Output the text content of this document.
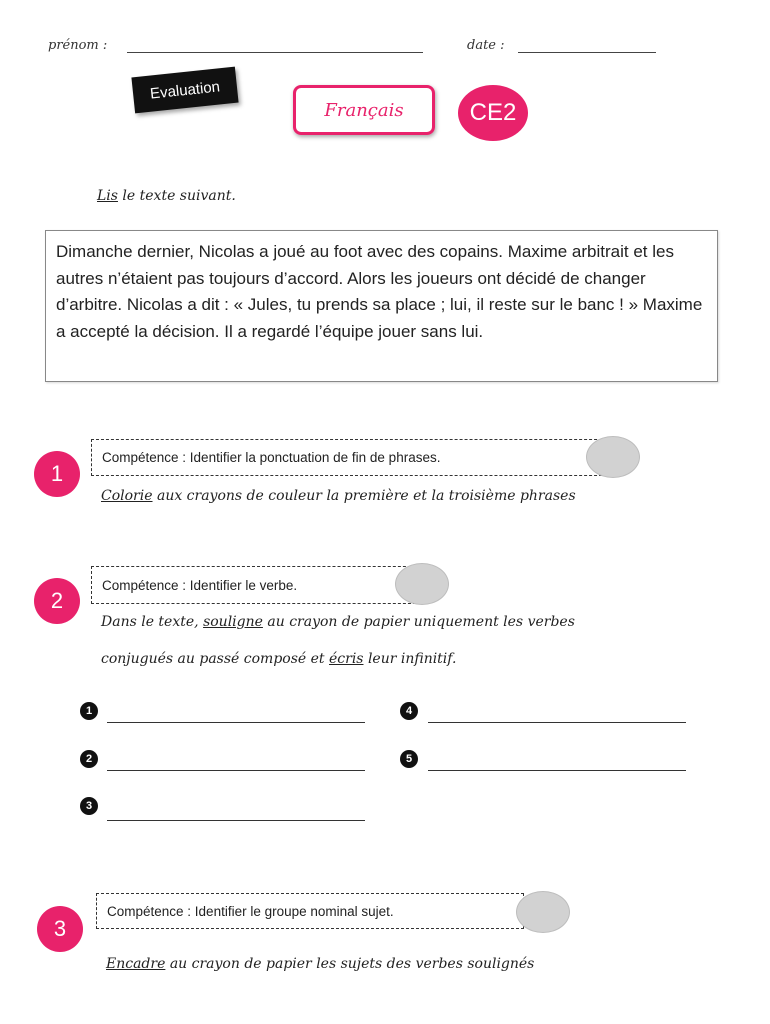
prénom :	date :
Evaluation
Français	CE2
Lis le texte suivant.
Dimanche dernier, Nicolas a joué au foot avec des copains. Maxime arbitrait et les autres n’étaient pas toujours d’accord. Alors les joueurs ont décidé de changer d’arbitre. Nicolas a dit : « Jules, tu prends sa place ; lui, il reste sur le banc ! » Maxime a accepté la décision. Il a regardé l’équipe jouer sans lui.
1
Compétence : Identifier la ponctuation de fin de phrases.
Colorie aux crayons de couleur la première et la troisième phrases
2
Compétence : Identifier le verbe.
Dans le texte, souligne au crayon de papier uniquement les verbes
conjugués au passé composé et écris leur infinitif.
1
2
3
4
5
3
Compétence : Identifier le groupe nominal sujet.
Encadre au crayon de papier les sujets des verbes soulignés
